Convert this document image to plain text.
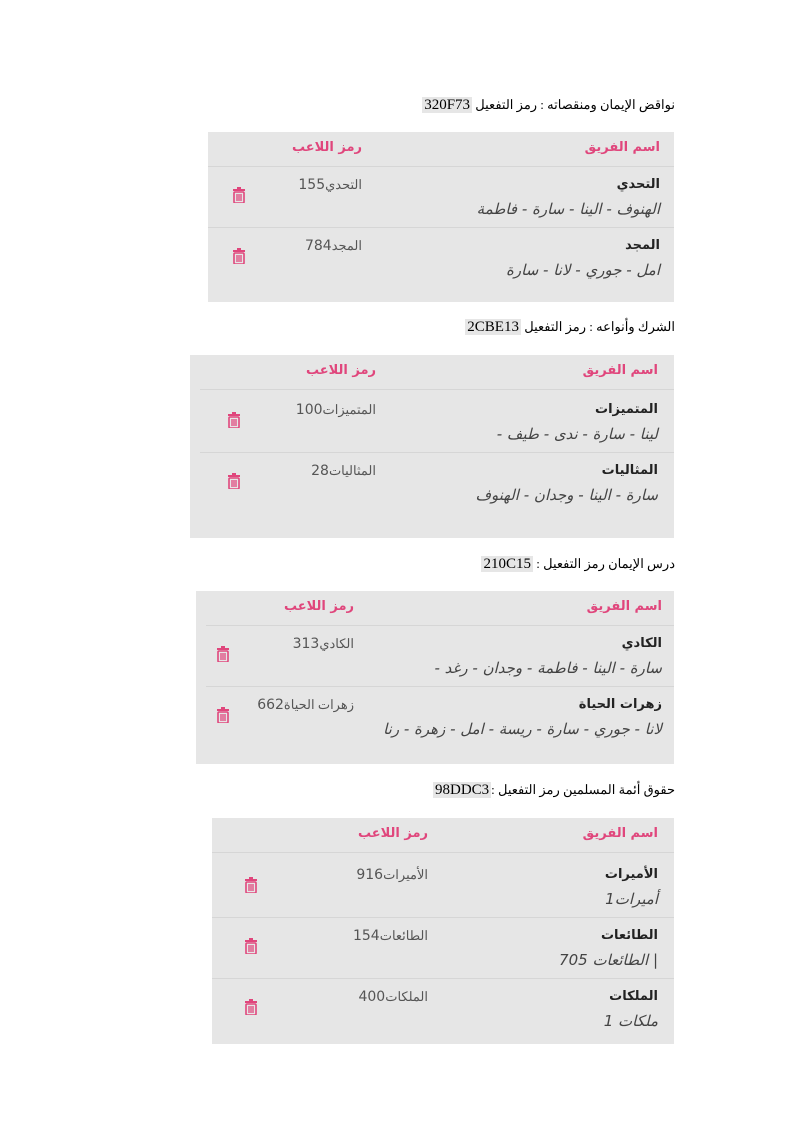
نواقض الإيمان ومنقصاته : رمز التفعيل 320F73
اسم الفريق
رمز اللاعب
التحدي
الهنوف - الينا - سارة - فاطمة
التحدي155
المجد
امل - جوري - لانا - سارة
المجد784
الشرك وأنواعه : رمز التفعيل 2CBE13
اسم الفريق
رمز اللاعب
المتميزات
لينا - سارة - ندى - طيف -
المتميزات100
المثاليات
سارة - الينا - وجدان - الهنوف
المثاليات28
درس الإيمان رمز التفعيل : 210C15
اسم الفريق
رمز اللاعب
الكادي
سارة - الينا - فاطمة - وجدان - رغد -
الكادي313
زهرات الحياة
لانا - جوري - سارة - ريسة - امل - زهرة - رنا
زهرات الحياة662
حقوق أئمة المسلمين رمز التفعيل :98DDC3
اسم الفريق
رمز اللاعب
الأميرات
أميرات1
الأميرات916
الطائعات
| الطائعات 705
الطائعات154
الملكات
ملكات 1
الملكات400
